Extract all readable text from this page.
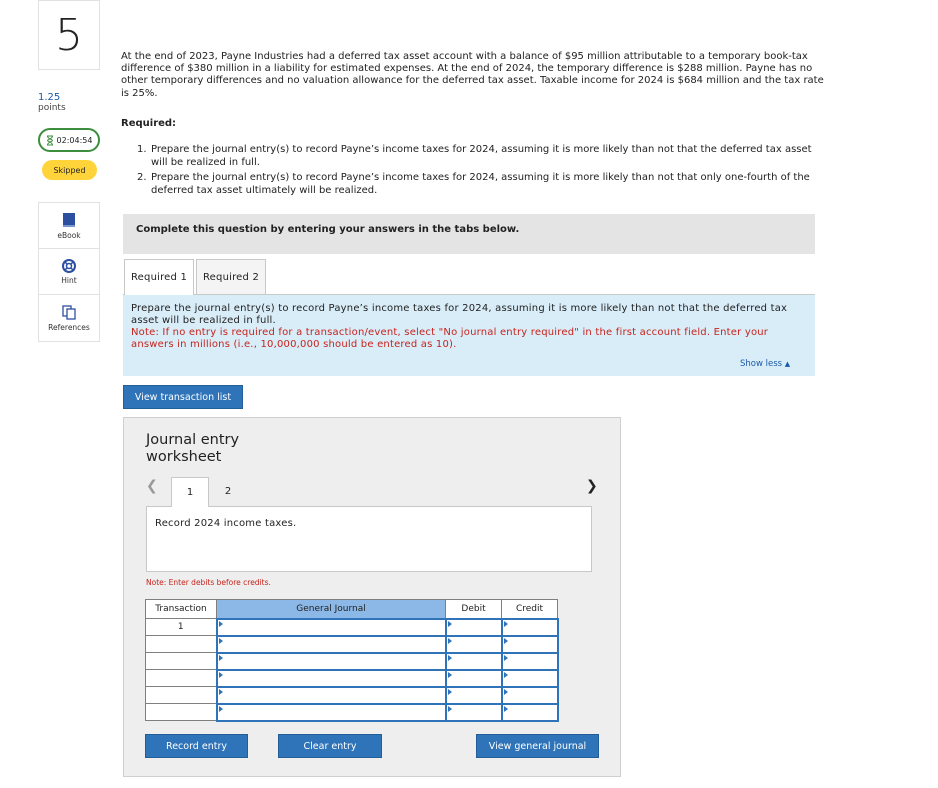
5
1.25
points
02:04:54
Skipped
eBook
Hint
References
At the end of 2023, Payne Industries had a deferred tax asset account with a balance of $95 million attributable to a temporary book-tax difference of $380 million in a liability for estimated expenses. At the end of 2024, the temporary difference is $288 million. Payne has no other temporary differences and no valuation allowance for the deferred tax asset. Taxable income for 2024 is $684 million and the tax rate is 25%.
Required:
1. Prepare the journal entry(s) to record Payne’s income taxes for 2024, assuming it is more likely than not that the deferred tax asset will be realized in full.
2. Prepare the journal entry(s) to record Payne’s income taxes for 2024, assuming it is more likely than not that only one-fourth of the deferred tax asset ultimately will be realized.
Complete this question by entering your answers in the tabs below.
Required 1	Required 2
Prepare the journal entry(s) to record Payne’s income taxes for 2024, assuming it is more likely than not that the deferred tax asset will be realized in full.
Note: If no entry is required for a transaction/event, select "No journal entry required" in the first account field. Enter your answers in millions (i.e., 10,000,000 should be entered as 10).
Show less ▲
View transaction list
Journal entry
worksheet
❮	1	2	❯
Record 2024 income taxes.
Note: Enter debits before credits.
Transaction	General Journal	Debit	Credit
1	

Record entry	Clear entry	View general journal
